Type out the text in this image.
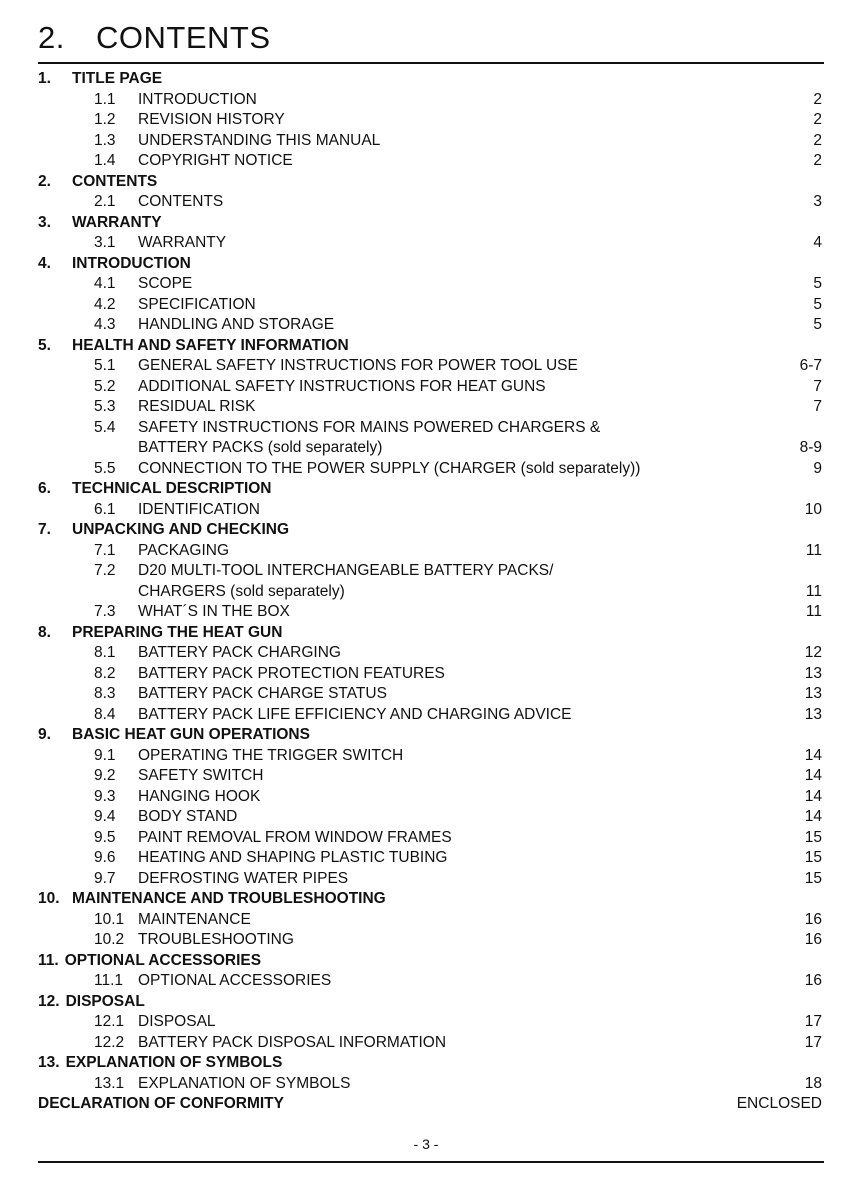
2. CONTENTS
1.	TITLE PAGE
1.1	INTRODUCTION	2
1.2	REVISION HISTORY	2
1.3	UNDERSTANDING THIS MANUAL	2
1.4	COPYRIGHT NOTICE	2
2.	CONTENTS
2.1	CONTENTS	3
3.	WARRANTY
3.1	WARRANTY	4
4.	INTRODUCTION
4.1	SCOPE	5
4.2	SPECIFICATION	5
4.3	HANDLING AND STORAGE	5
5.	HEALTH AND SAFETY INFORMATION
5.1	GENERAL SAFETY INSTRUCTIONS FOR POWER TOOL USE	6-7
5.2	ADDITIONAL SAFETY INSTRUCTIONS FOR HEAT GUNS	7
5.3	RESIDUAL RISK	7
5.4	SAFETY INSTRUCTIONS FOR MAINS POWERED CHARGERS &
BATTERY PACKS (sold separately)	8-9
5.5	CONNECTION TO THE POWER SUPPLY (CHARGER (sold separately))	9
6.	TECHNICAL DESCRIPTION
6.1	IDENTIFICATION	10
7.	UNPACKING AND CHECKING
7.1	PACKAGING	11
7.2	D20 MULTI-TOOL INTERCHANGEABLE BATTERY PACKS/
CHARGERS (sold separately)	11
7.3	WHAT´S IN THE BOX	11
8.	PREPARING THE HEAT GUN
8.1	BATTERY PACK CHARGING	12
8.2	BATTERY PACK PROTECTION FEATURES	13
8.3	BATTERY PACK CHARGE STATUS	13
8.4	BATTERY PACK LIFE EFFICIENCY AND CHARGING ADVICE	13
9.	BASIC HEAT GUN OPERATIONS
9.1	OPERATING THE TRIGGER SWITCH	14
9.2	SAFETY SWITCH	14
9.3	HANGING HOOK	14
9.4	BODY STAND	14
9.5	PAINT REMOVAL FROM WINDOW FRAMES	15
9.6	HEATING AND SHAPING PLASTIC TUBING	15
9.7	DEFROSTING WATER PIPES	15
10. MAINTENANCE AND TROUBLESHOOTING
10.1 MAINTENANCE	16
10.2 TROUBLESHOOTING	16
11. OPTIONAL ACCESSORIES
11.1 OPTIONAL ACCESSORIES	16
12. DISPOSAL
12.1 DISPOSAL	17
12.2 BATTERY PACK DISPOSAL INFORMATION	17
13. EXPLANATION OF SYMBOLS
13.1 EXPLANATION OF SYMBOLS	18
DECLARATION OF CONFORMITY	ENCLOSED
- 3 -
